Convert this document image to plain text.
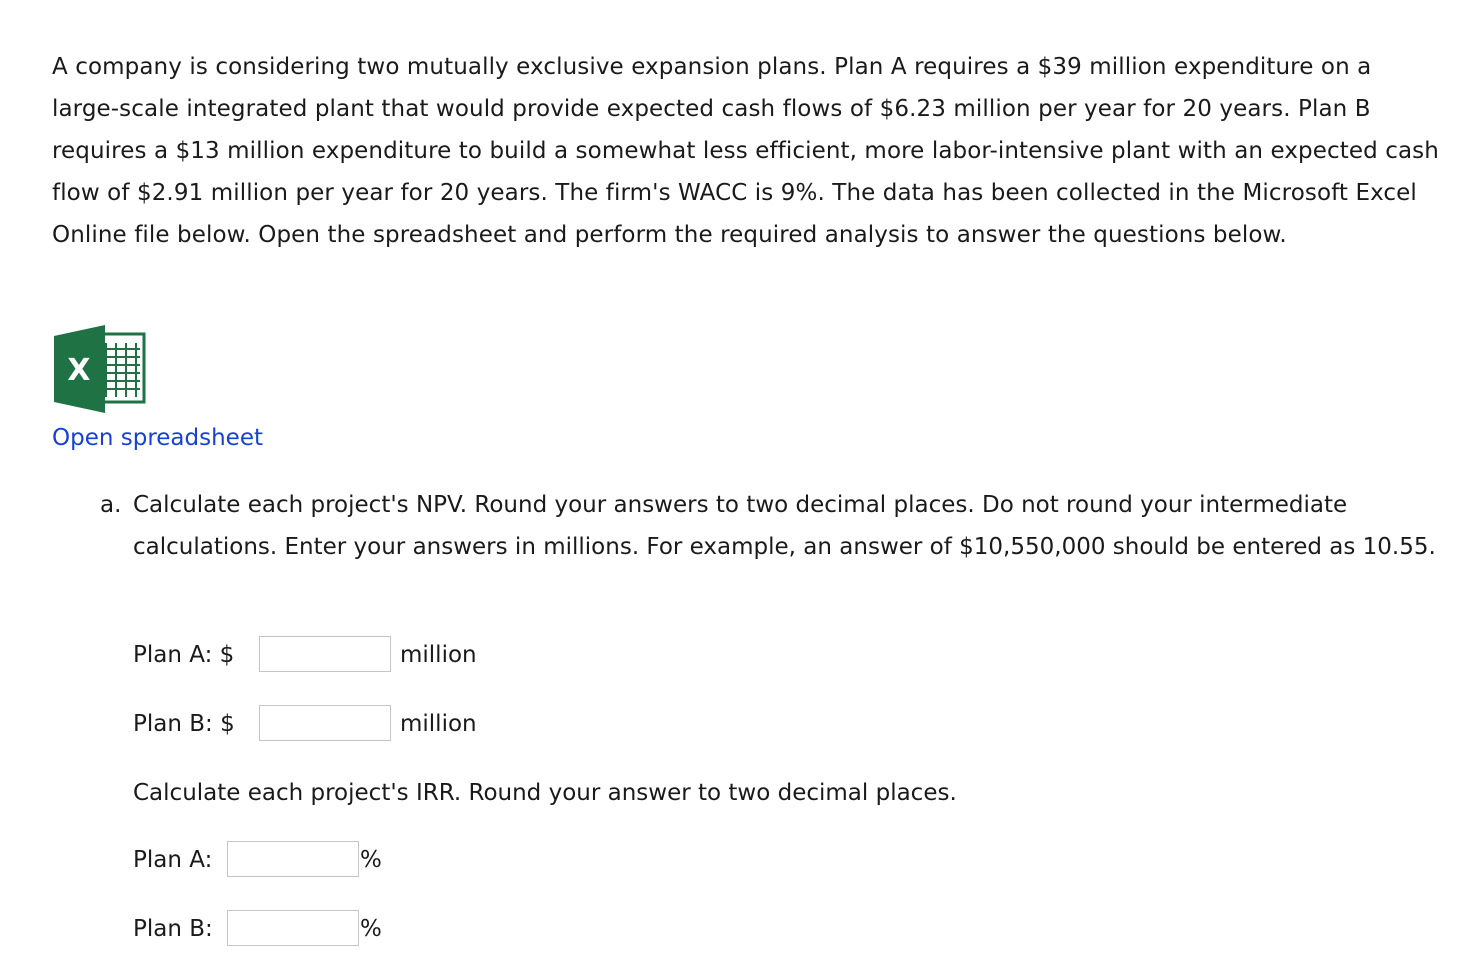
A company is considering two mutually exclusive expansion plans. Plan A requires a $39 million expenditure on a large-scale integrated plant that would provide expected cash flows of $6.23 million per year for 20 years. Plan B requires a $13 million expenditure to build a somewhat less efficient, more labor-intensive plant with an expected cash flow of $2.91 million per year for 20 years. The firm's WACC is 9%. The data has been collected in the Microsoft Excel Online file below. Open the spreadsheet and perform the required analysis to answer the questions below.

X
Open spreadsheet
a. Calculate each project's NPV. Round your answers to two decimal places. Do not round your intermediate calculations. Enter your answers in millions. For example, an answer of $10,550,000 should be entered as 10.55.
Plan A: $	million
Plan B: $	million

Calculate each project's IRR. Round your answer to two decimal places.

Plan A:	%
Plan B:	%
